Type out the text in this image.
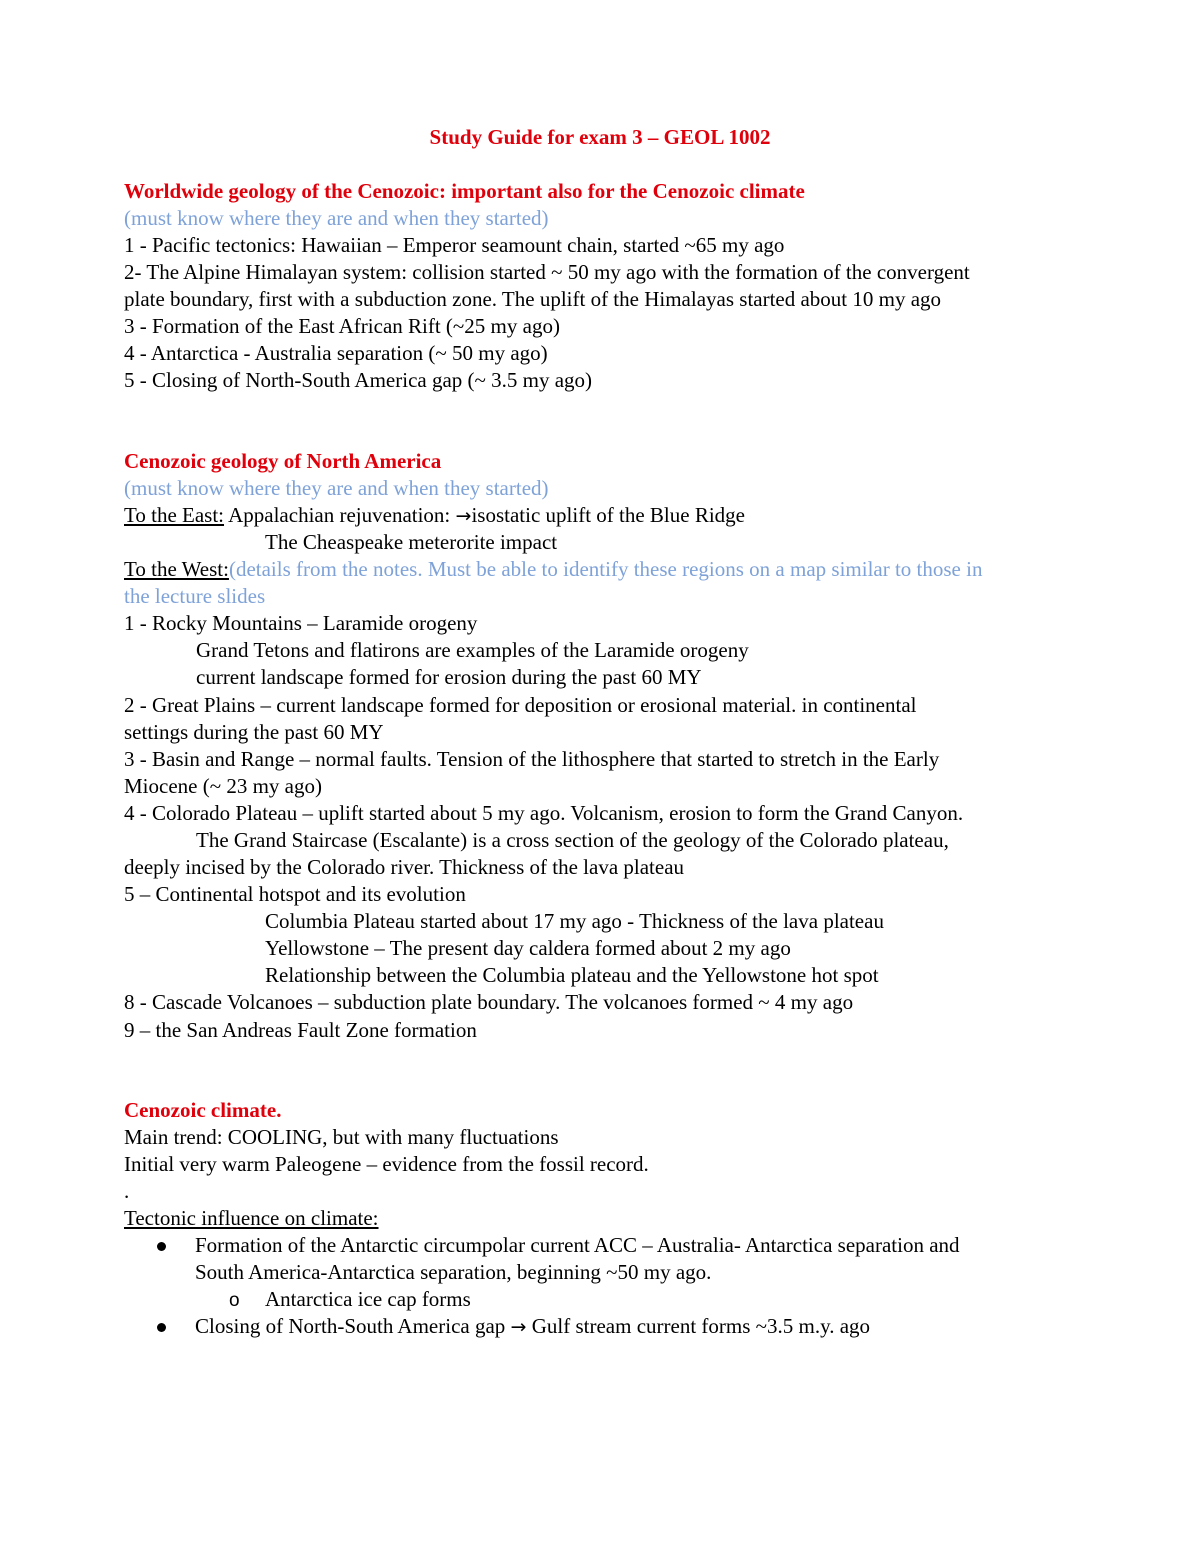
Study Guide for exam 3 – GEOL 1002
Worldwide geology of the Cenozoic: important also for the Cenozoic climate
(must know where they are and when they started)
1 - Pacific tectonics: Hawaiian – Emperor seamount chain, started ~65 my ago
2- The Alpine Himalayan system: collision started ~ 50 my ago with the formation of the convergent
plate boundary, first with a subduction zone. The uplift of the Himalayas started about 10 my ago
3 - Formation of the East African Rift (~25 my ago)
4 - Antarctica - Australia separation (~ 50 my ago)
5 - Closing of North-South America gap (~ 3.5 my ago)
Cenozoic geology of North America
(must know where they are and when they started)
To the East: Appalachian rejuvenation: →isostatic uplift of the Blue Ridge
The Cheaspeake meterorite impact
To the West:(details from the notes. Must be able to identify these regions on a map similar to those in
the lecture slides
1 - Rocky Mountains – Laramide orogeny
Grand Tetons and flatirons are examples of the Laramide orogeny
current landscape formed for erosion during the past 60 MY
2 - Great Plains – current landscape formed for deposition or erosional material. in continental
settings during the past 60 MY
3 - Basin and Range – normal faults. Tension of the lithosphere that started to stretch in the Early
Miocene (~ 23 my ago)
4 - Colorado Plateau – uplift started about 5 my ago. Volcanism, erosion to form the Grand Canyon.
The Grand Staircase (Escalante) is a cross section of the geology of the Colorado plateau,
deeply incised by the Colorado river. Thickness of the lava plateau
5 – Continental hotspot and its evolution
Columbia Plateau started about 17 my ago - Thickness of the lava plateau
Yellowstone – The present day caldera formed about 2 my ago
Relationship between the Columbia plateau and the Yellowstone hot spot
8 - Cascade Volcanoes – subduction plate boundary. The volcanoes formed ~ 4 my ago
9 – the San Andreas Fault Zone formation
Cenozoic climate.
Main trend: COOLING, but with many fluctuations
Initial very warm Paleogene – evidence from the fossil record.
.
Tectonic influence on climate:
Formation of the Antarctic circumpolar current ACC – Australia- Antarctica separation and
South America-Antarctica separation, beginning ~50 my ago.
o Antarctica ice cap forms
Closing of North-South America gap → Gulf stream current forms ~3.5 m.y. ago
